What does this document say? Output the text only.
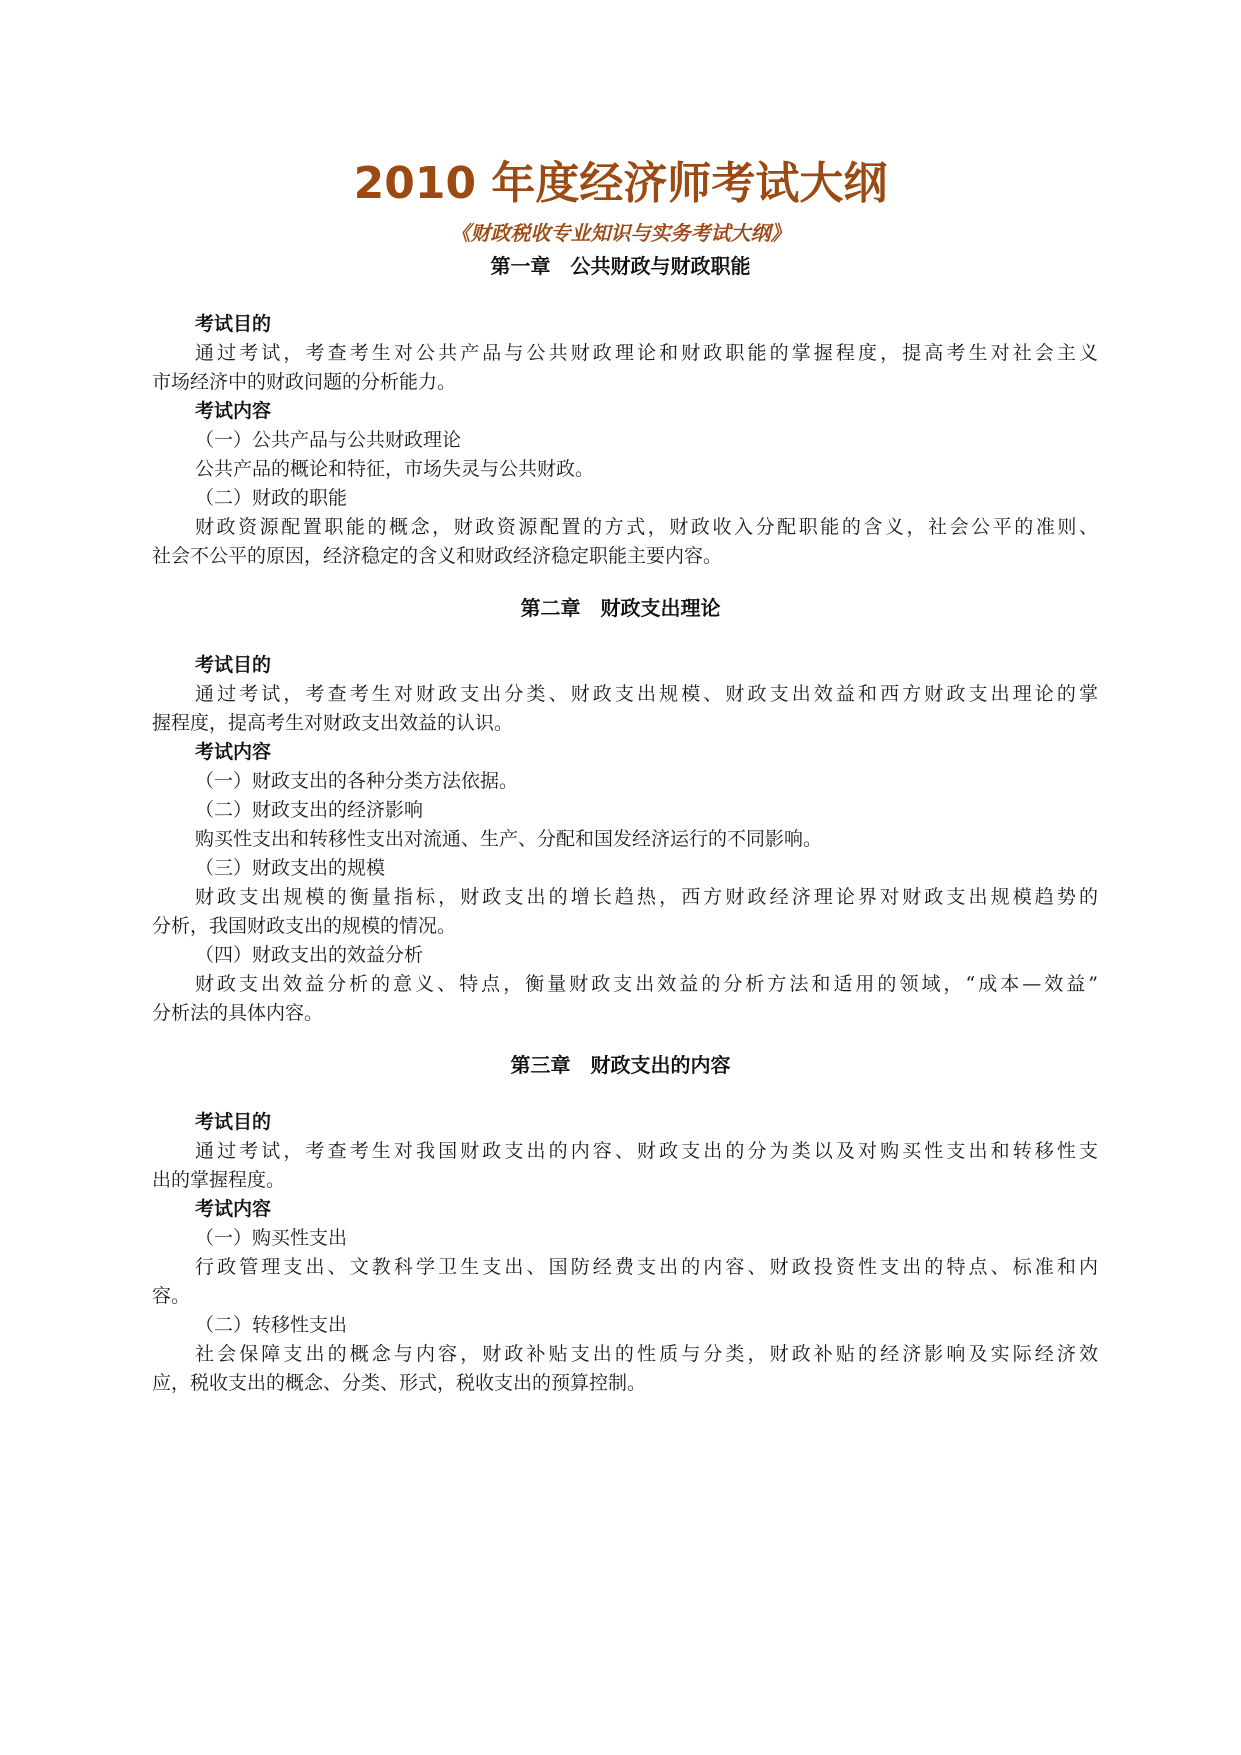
2010 年度经济师考试大纲
《财政税收专业知识与实务考试大纲》
第一章　公共财政与财政职能
考试目的
通过考试，考查考生对公共产品与公共财政理论和财政职能的掌握程度，提高考生对社会主义
市场经济中的财政问题的分析能力。
考试内容
（一）公共产品与公共财政理论
公共产品的概论和特征，市场失灵与公共财政。
（二）财政的职能
财政资源配置职能的概念，财政资源配置的方式，财政收入分配职能的含义，社会公平的准则、
社会不公平的原因，经济稳定的含义和财政经济稳定职能主要内容。
第二章　财政支出理论
考试目的
通过考试，考查考生对财政支出分类、财政支出规模、财政支出效益和西方财政支出理论的掌
握程度，提高考生对财政支出效益的认识。
考试内容
（一）财政支出的各种分类方法依据。
（二）财政支出的经济影响
购买性支出和转移性支出对流通、生产、分配和国发经济运行的不同影响。
（三）财政支出的规模
财政支出规模的衡量指标，财政支出的增长趋热，西方财政经济理论界对财政支出规模趋势的
分析，我国财政支出的规模的情况。
（四）财政支出的效益分析
财政支出效益分析的意义、特点，衡量财政支出效益的分析方法和适用的领域，“成本—效益”
分析法的具体内容。
第三章　财政支出的内容
考试目的
通过考试，考查考生对我国财政支出的内容、财政支出的分为类以及对购买性支出和转移性支
出的掌握程度。
考试内容
（一）购买性支出
行政管理支出、文教科学卫生支出、国防经费支出的内容、财政投资性支出的特点、标准和内
容。
（二）转移性支出
社会保障支出的概念与内容，财政补贴支出的性质与分类，财政补贴的经济影响及实际经济效
应，税收支出的概念、分类、形式，税收支出的预算控制。
